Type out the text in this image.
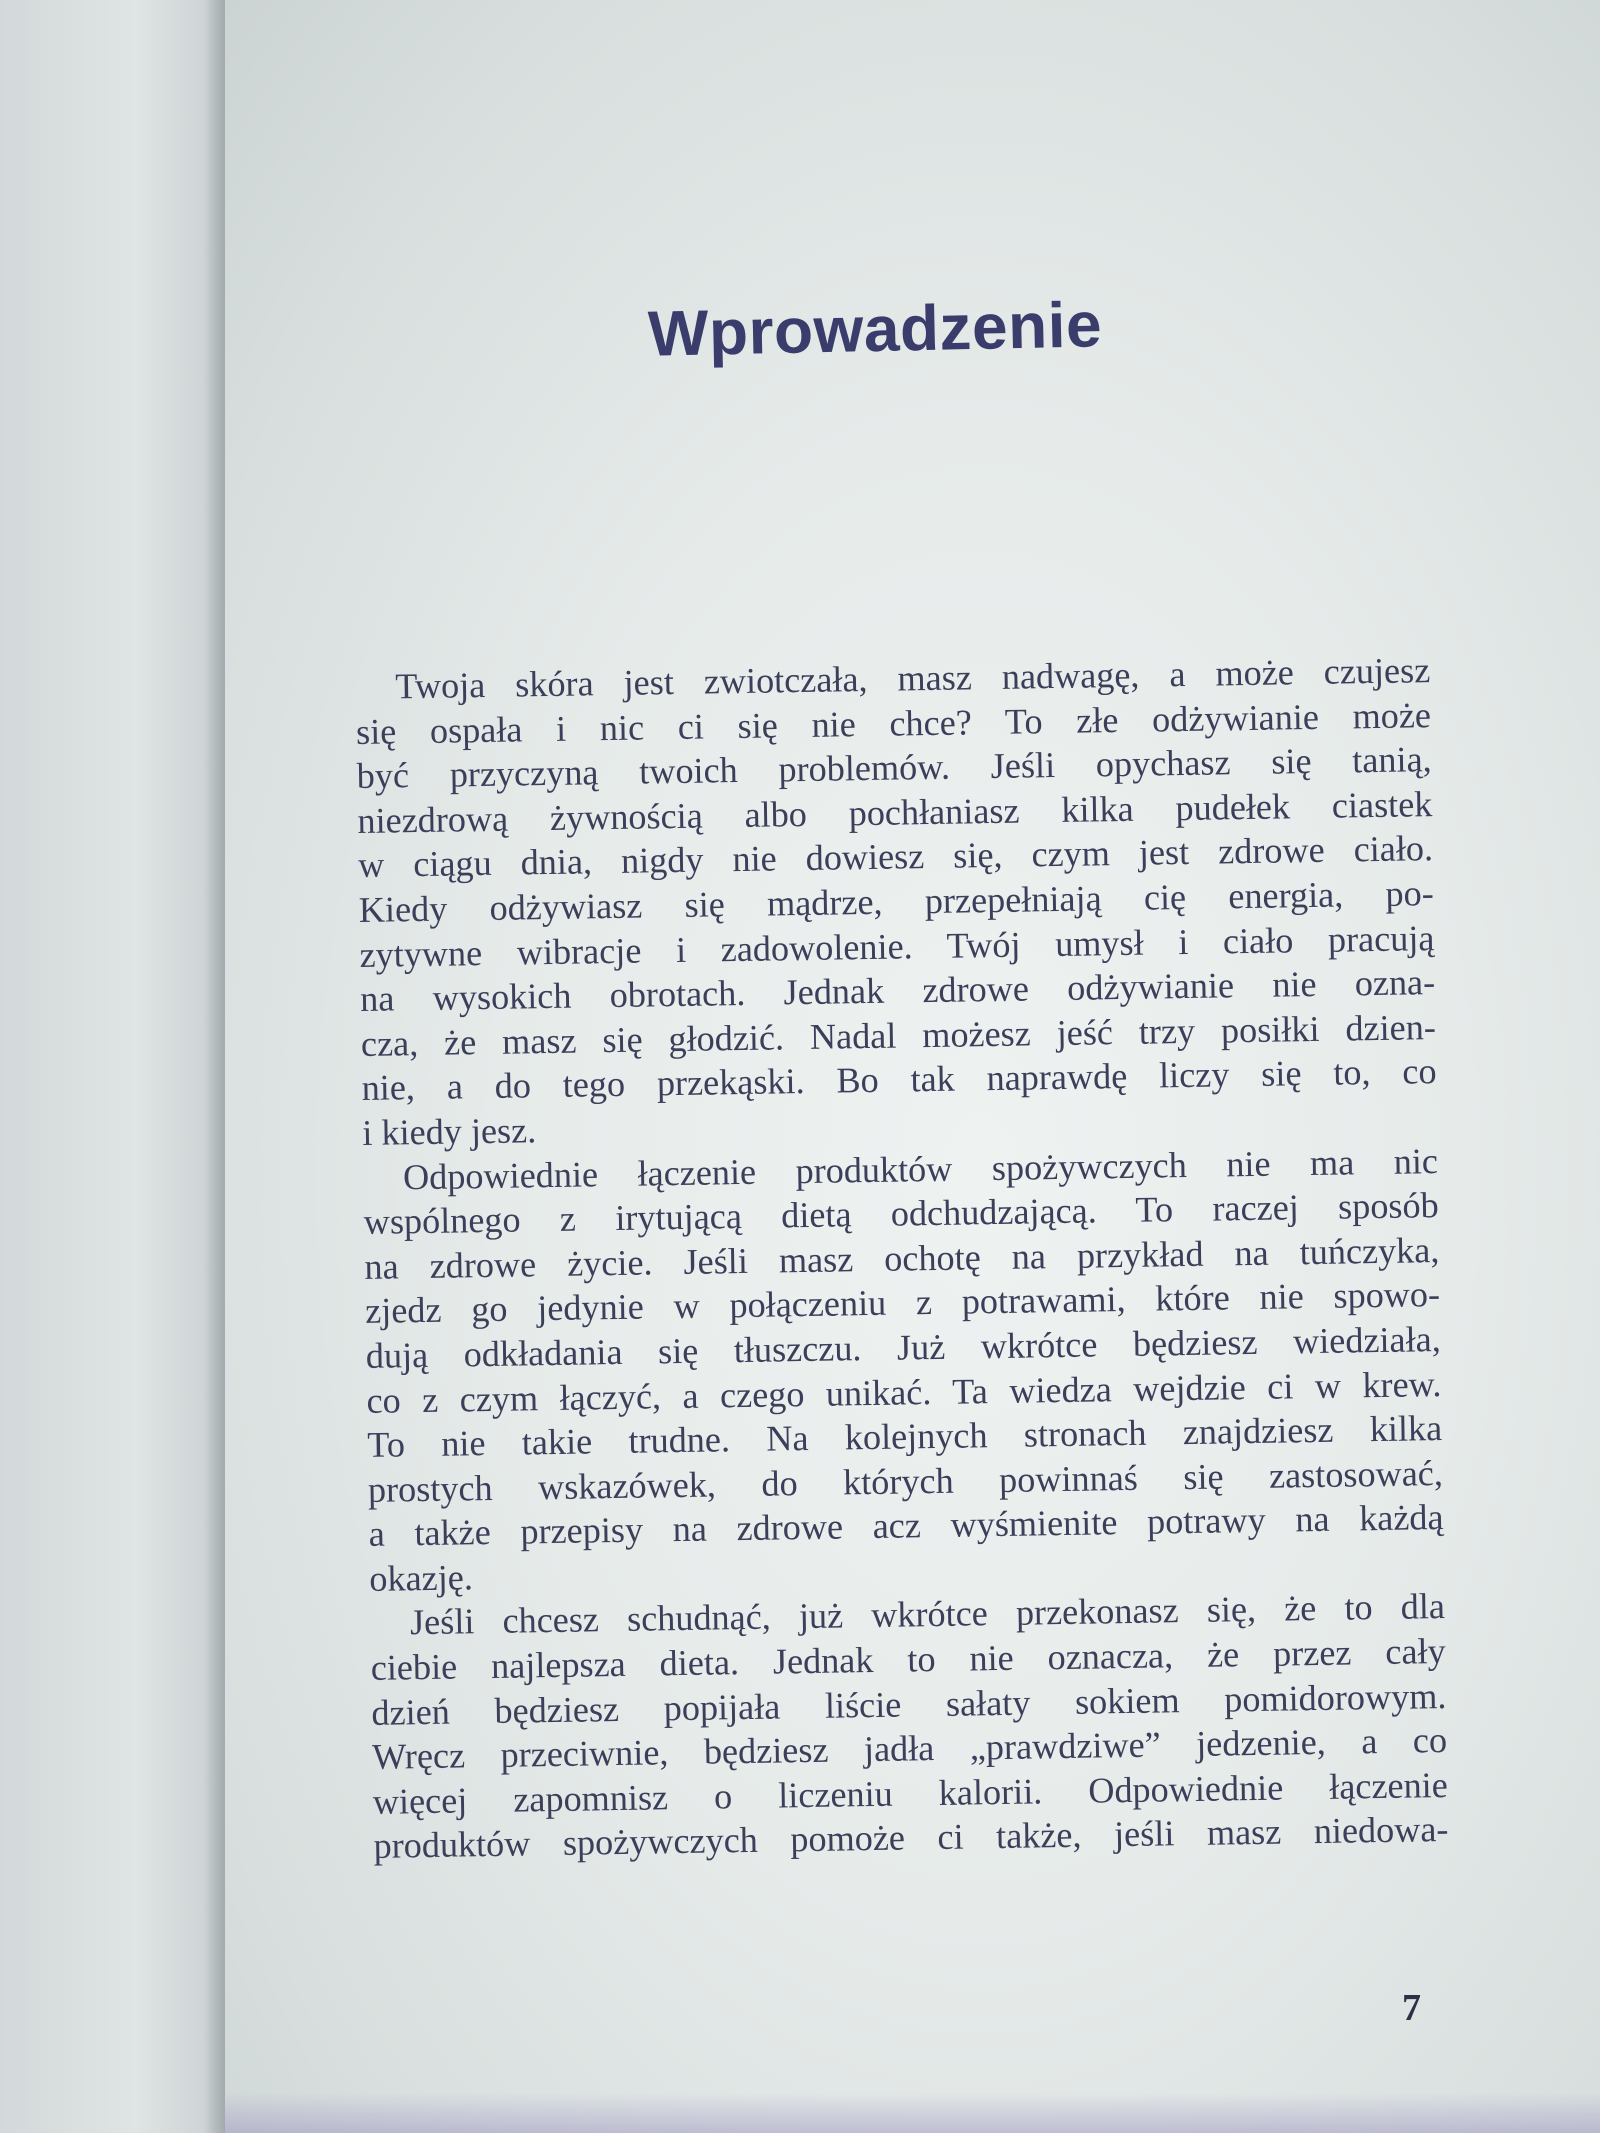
Wprowadzenie
Twoja skóra jest zwiotczała, masz nadwagę, a może czujesz
się ospała i nic ci się nie chce? To złe odżywianie może
być przyczyną twoich problemów. Jeśli opychasz się tanią,
niezdrową żywnością albo pochłaniasz kilka pudełek ciastek
w ciągu dnia, nigdy nie dowiesz się, czym jest zdrowe ciało.
Kiedy odżywiasz się mądrze, przepełniają cię energia, po-
zytywne wibracje i zadowolenie. Twój umysł i ciało pracują
na wysokich obrotach. Jednak zdrowe odżywianie nie ozna-
cza, że masz się głodzić. Nadal możesz jeść trzy posiłki dzien-
nie, a do tego przekąski. Bo tak naprawdę liczy się to, co
i kiedy jesz.
Odpowiednie łączenie produktów spożywczych nie ma nic
wspólnego z irytującą dietą odchudzającą. To raczej sposób
na zdrowe życie. Jeśli masz ochotę na przykład na tuńczyka,
zjedz go jedynie w połączeniu z potrawami, które nie spowo-
dują odkładania się tłuszczu. Już wkrótce będziesz wiedziała,
co z czym łączyć, a czego unikać. Ta wiedza wejdzie ci w krew.
To nie takie trudne. Na kolejnych stronach znajdziesz kilka
prostych wskazówek, do których powinnaś się zastosować,
a także przepisy na zdrowe acz wyśmienite potrawy na każdą
okazję.
Jeśli chcesz schudnąć, już wkrótce przekonasz się, że to dla
ciebie najlepsza dieta. Jednak to nie oznacza, że przez cały
dzień będziesz popijała liście sałaty sokiem pomidorowym.
Wręcz przeciwnie, będziesz jadła „prawdziwe” jedzenie, a co
więcej zapomnisz o liczeniu kalorii. Odpowiednie łączenie
produktów spożywczych pomoże ci także, jeśli masz niedowa-
7
